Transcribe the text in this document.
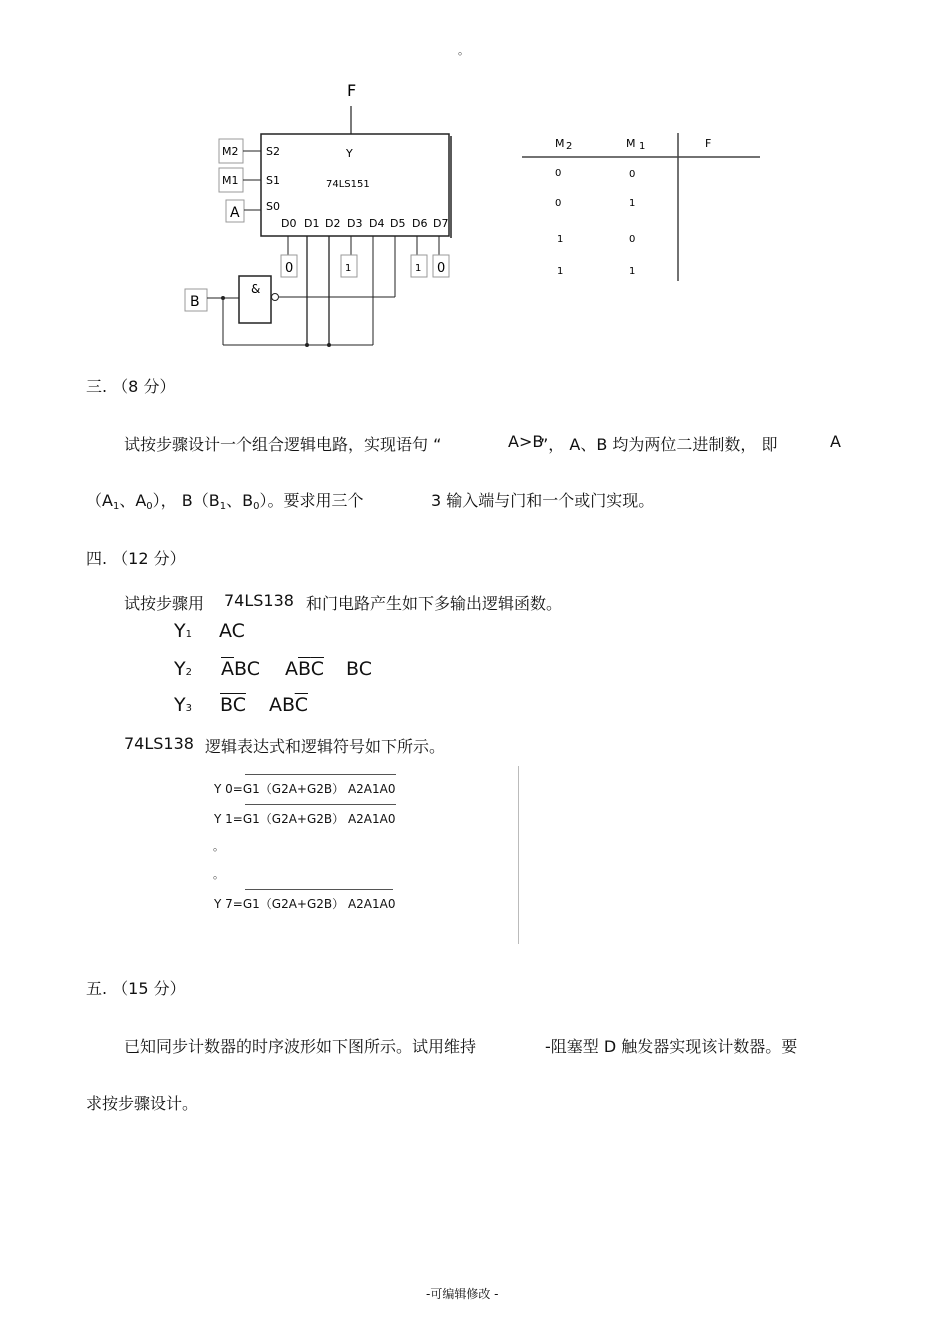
。
F
Y
74LS151
S2
S1
S0
M2
M1
A
D0 D1 D2 D3 D4 D5 D6 D7
0	1	1 0
&
B
M 2	M 1	F
0	0
0	1
1	0
1	1
三. （8 分）
试按步骤设计一个组合逻辑电路，实现语句 “	A>B
”， A、B 均为两位二进制数， 即	A
（A1、A0）， B（B1、B0）。要求用三个	3 输入端与门和一个或门实现。
四. （12 分）
试按步骤用 74LS138 和门电路产生如下多输出逻辑函数。
Y1 AC
Y2 $\overline{A}BC$ $A\overline{B}\overline{C}$ BC
Y3 $\overline{BC}$ $AB\overline{C}$
74LS138 逻辑表达式和逻辑符号如下所示。
Y 0=G1（G2A+G2B） A2A1A0
Y 1=G1（G2A+G2B） A2A1A0
。
。
Y 7=G1（G2A+G2B） A2A1A0
五. （15 分）
已知同步计数器的时序波形如下图所示。试用维持	-阻塞型 D 触发器实现该计数器。要
求按步骤设计。
-可编辑修改 -
